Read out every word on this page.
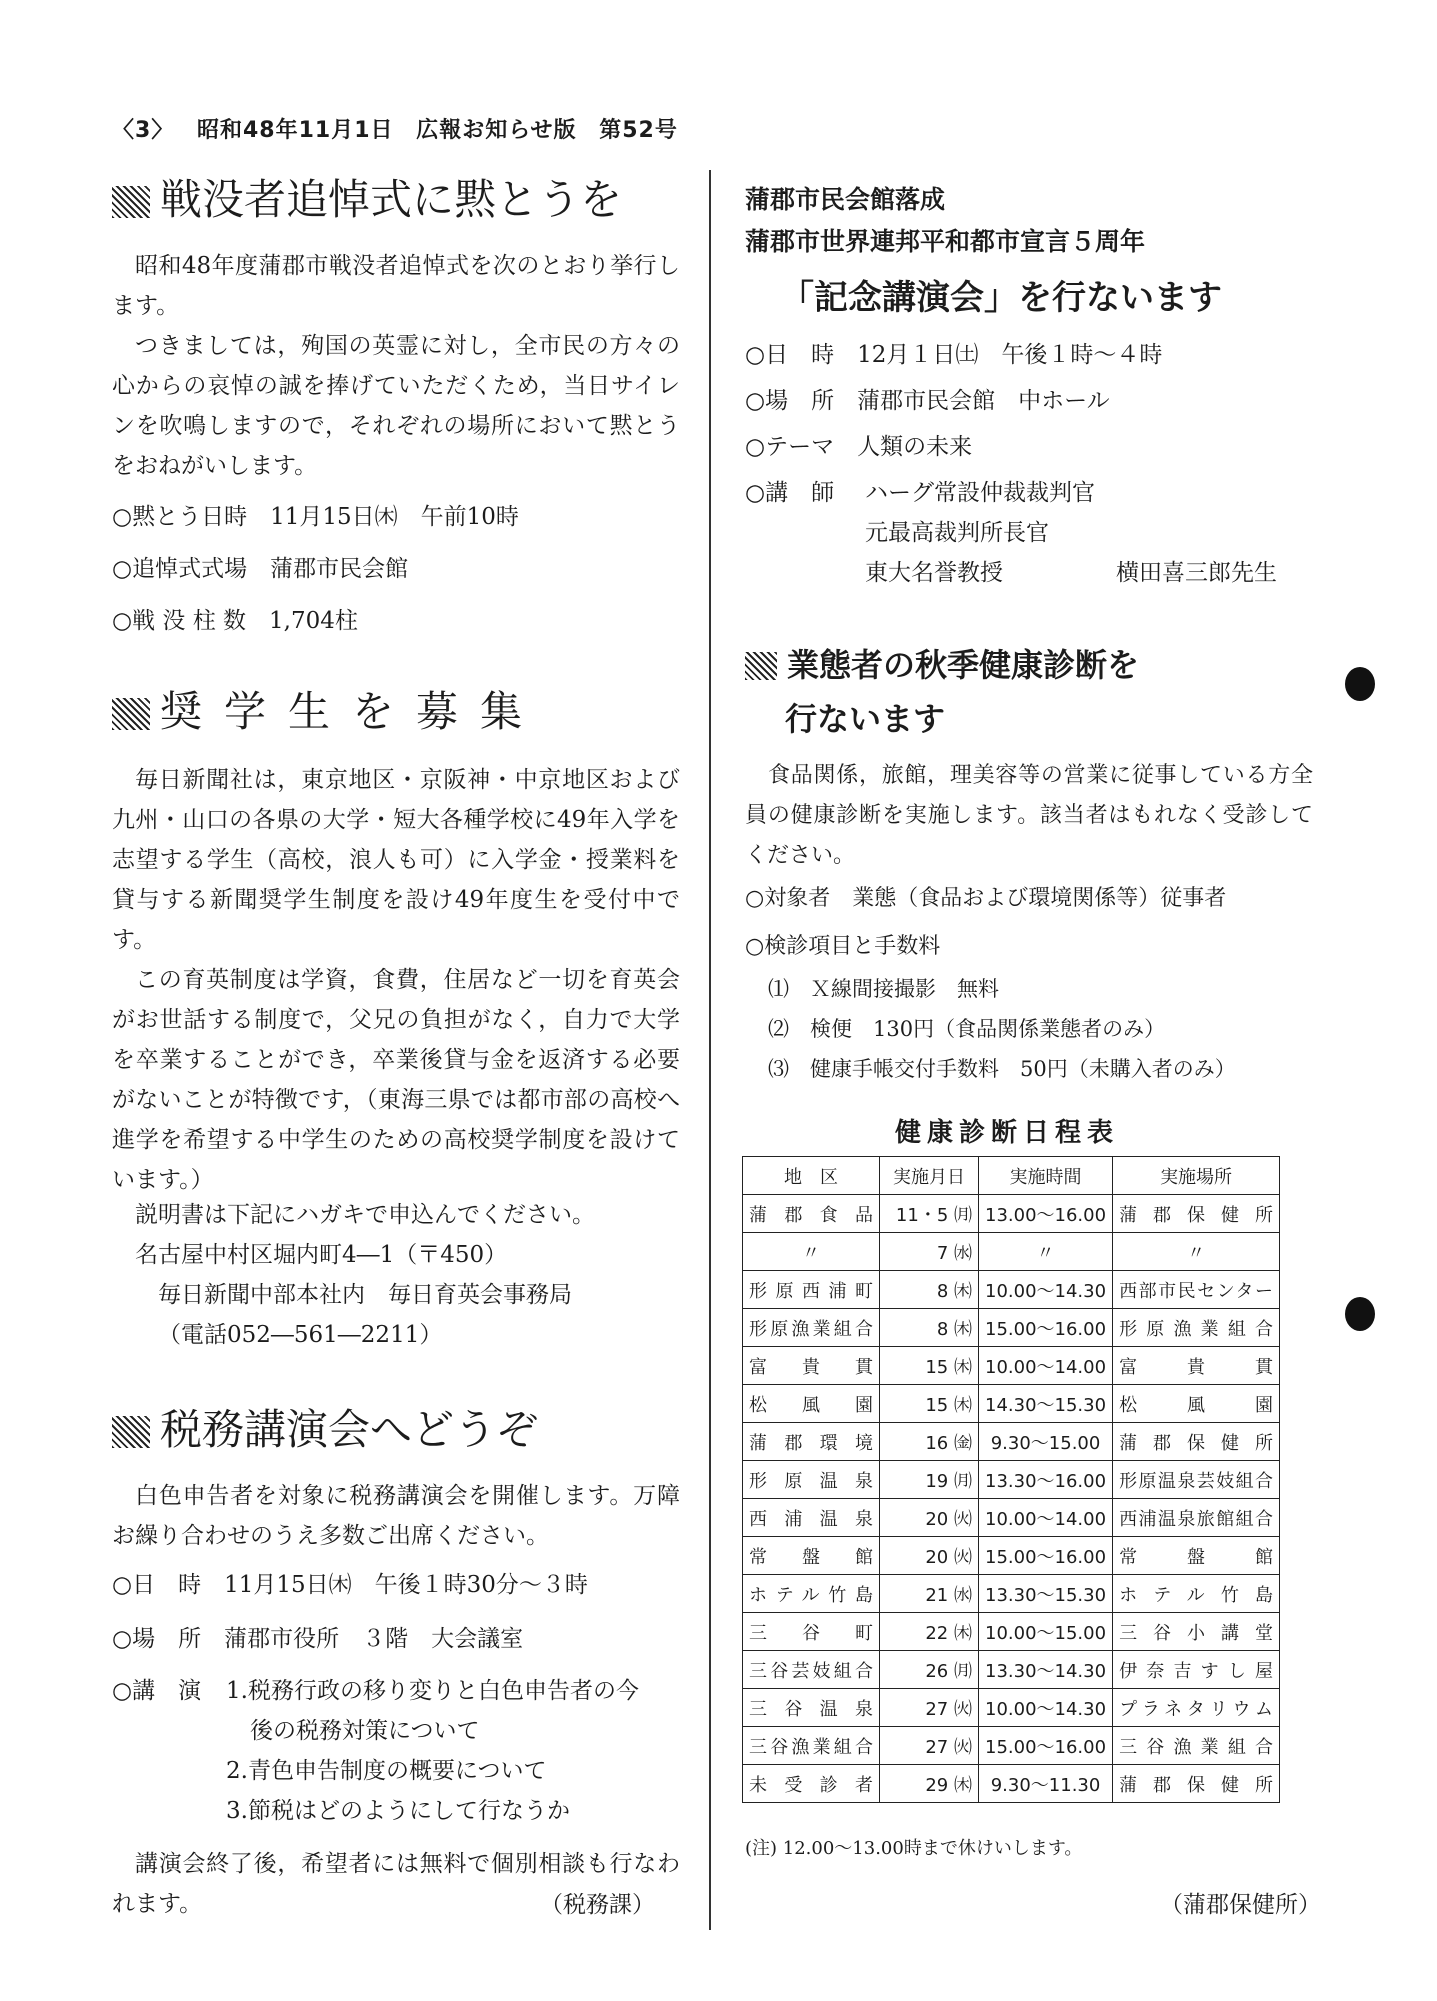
〈3〉 昭和48年11月1日 広報お知らせ版 第52号
戦没者追悼式に黙とうを
昭和48年度蒲郡市戦没者追悼式を次のとおり挙行します。
つきましては，殉国の英霊に対し，全市民の方々の心からの哀悼の誠を捧げていただくため，当日サイレンを吹鳴しますので，それぞれの場所において黙とうをおねがいします。
○黙とう日時　11月15日㈭　午前10時
○追悼式式場　蒲郡市民会館
○戦 没 柱 数　1,704柱
奨学生を募集
毎日新聞社は，東京地区・京阪神・中京地区および九州・山口の各県の大学・短大各種学校に49年入学を志望する学生（高校，浪人も可）に入学金・授業料を貸与する新聞奨学生制度を設け49年度生を受付中です。
この育英制度は学資，食費，住居など一切を育英会がお世話する制度で，父兄の負担がなく，自力で大学を卒業することができ，卒業後貸与金を返済する必要がないことが特徴です，（東海三県では都市部の高校へ進学を希望する中学生のための高校奨学制度を設けています。）
説明書は下記にハガキで申込んでください。
名古屋中村区堀内町4―1（〒450）
毎日新聞中部本社内　毎日育英会事務局
（電話052―561―2211）
税務講演会へどうぞ
白色申告者を対象に税務講演会を開催します。万障お繰り合わせのうえ多数ご出席ください。
○日　時　11月15日㈭　午後１時30分～３時
○場　所　蒲郡市役所　３階　大会議室
○講　演 1.税務行政の移り変りと白色申告者の今
後の税務対策について
2.青色申告制度の概要について
3.節税はどのようにして行なうか
講演会終了後，希望者には無料で個別相談も行なわれます。	（税務課）
蒲郡市民会館落成
蒲郡市世界連邦平和都市宣言５周年
「記念講演会」を行ないます
○日　時　12月１日㈯　午後１時～４時
○場　所　蒲郡市民会館　中ホール
○テーマ　人類の未来
○講　師 ハーグ常設仲裁裁判官
元最高裁判所長官
東大名誉教授	横田喜三郎先生
業態者の秋季健康診断を
行ないます
食品関係，旅館，理美容等の営業に従事している方全員の健康診断を実施します。該当者はもれなく受診してください。
○対象者　業態（食品および環境関係等）従事者
○検診項目と手数料
⑴　Ｘ線間接撮影　無料
⑵　検便　130円（食品関係業態者のみ）
⑶　健康手帳交付手数料　50円（未購入者のみ）
健康診断日程表
地　区	実施月日	実施時間	実施場所
蒲郡食品	11・5 ㈪	13.00～16.00	蒲郡保健所
〃	7 ㈬	〃	〃
形原西浦町	8 ㈭	10.00～14.30	西部市民センター
形原漁業組合	8 ㈭	15.00～16.00	形原漁業組合
富貴貫	15 ㈭	10.00～14.00	富貴貫
松風園	15 ㈭	14.30～15.30	松風園
蒲郡環境	16 ㈮	9.30～15.00	蒲郡保健所
形原温泉	19 ㈪	13.30～16.00	形原温泉芸妓組合
西浦温泉	20 ㈫	10.00～14.00	西浦温泉旅館組合
常盤館	20 ㈫	15.00～16.00	常盤館
ホテル竹島	21 ㈬	13.30～15.30	ホテル竹島
三谷町	22 ㈭	10.00～15.00	三谷小講堂
三谷芸妓組合	26 ㈪	13.30～14.30	伊奈吉すし屋
三谷温泉	27 ㈫	10.00～14.30	プラネタリウム
三谷漁業組合	27 ㈫	15.00～16.00	三谷漁業組合
未受診者	29 ㈭	9.30～11.30	蒲郡保健所
(注) 12.00～13.00時まで休けいします。
（蒲郡保健所）
